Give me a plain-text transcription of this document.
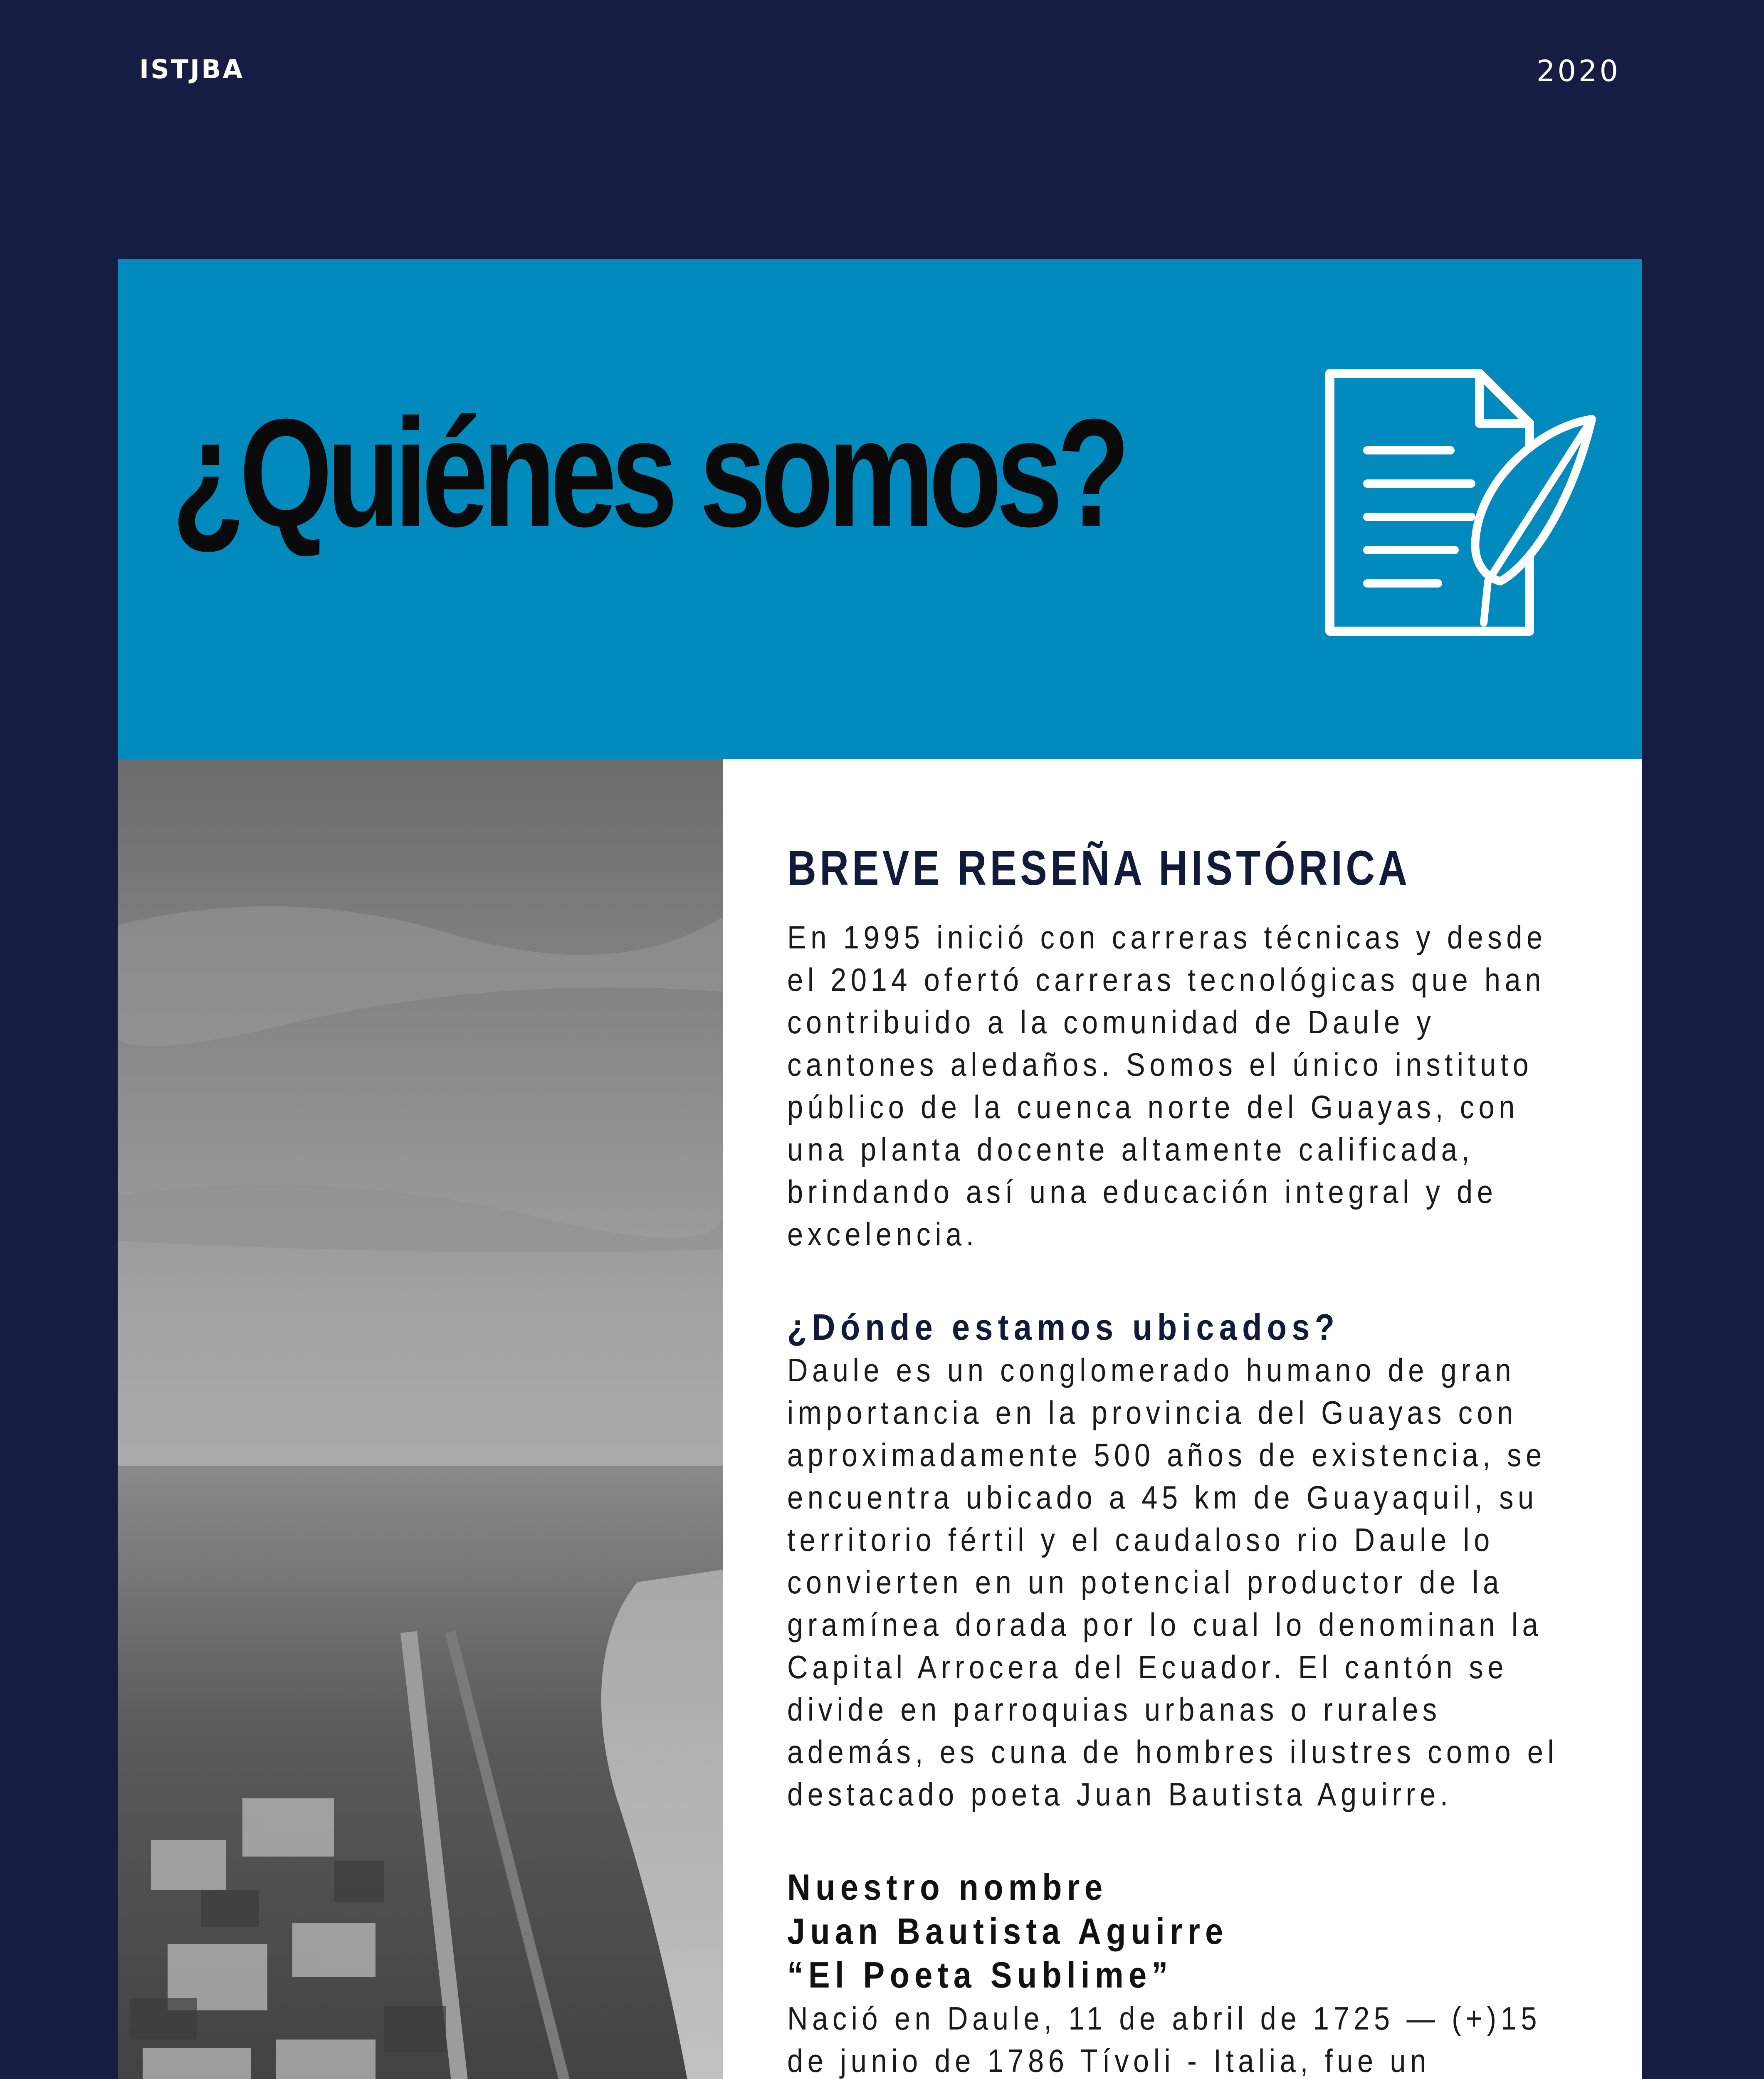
ISTJBA	2020
¿Quiénes somos?
BREVE RESEÑA HISTÓRICA

En 1995 inició con carreras técnicas y desde
el 2014 ofertó carreras tecnológicas que han
contribuido a la comunidad de Daule y
cantones aledaños. Somos el único instituto
público de la cuenca norte del Guayas, con
una planta docente altamente calificada,
brindando así una educación integral y de
excelencia.

¿Dónde estamos ubicados?

Daule es un conglomerado humano de gran
importancia en la provincia del Guayas con
aproximadamente 500 años de existencia, se
encuentra ubicado a 45 km de Guayaquil, su
territorio fértil y el caudaloso rio Daule lo
convierten en un potencial productor de la
gramínea dorada por lo cual lo denominan la
Capital Arrocera del Ecuador. El cantón se
divide en parroquias urbanas o rurales
además, es cuna de hombres ilustres como el
destacado poeta Juan Bautista Aguirre.

Nuestro nombre
Juan Bautista Aguirre
“El Poeta Sublime”

Nació en Daule, 11 de abril de 1725 — (+)15
de junio de 1786 Tívoli - Italia, fue un
